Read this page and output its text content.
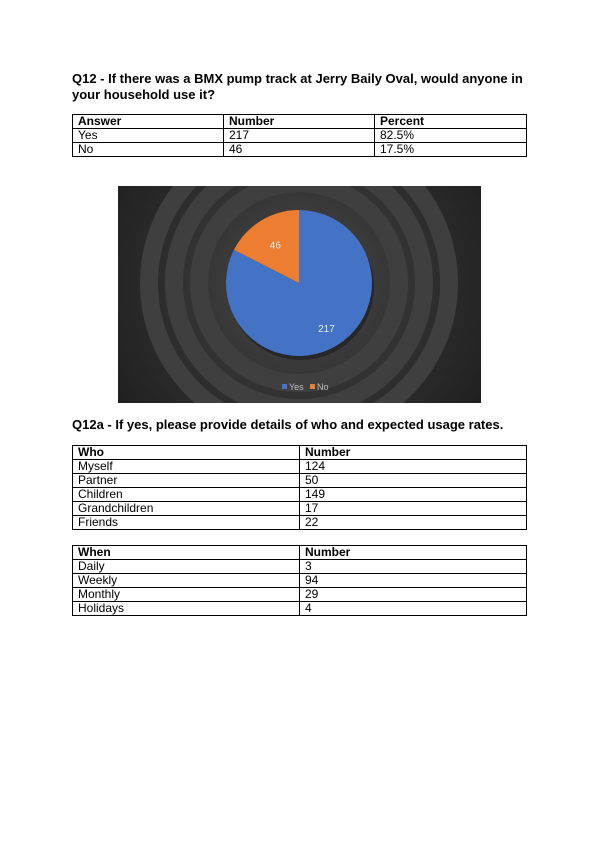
Q12 - If there was a BMX pump track at Jerry Baily Oval, would anyone in your household use it?
Answer	Number	Percent
Yes	217	82.5%
No	46	17.5%
217
46
Yes No
Q12a - If yes, please provide details of who and expected usage rates.
Who	Number
Myself	124
Partner	50
Children	149
Grandchildren	17
Friends	22
When	Number
Daily	3
Weekly	94
Monthly	29
Holidays	4
